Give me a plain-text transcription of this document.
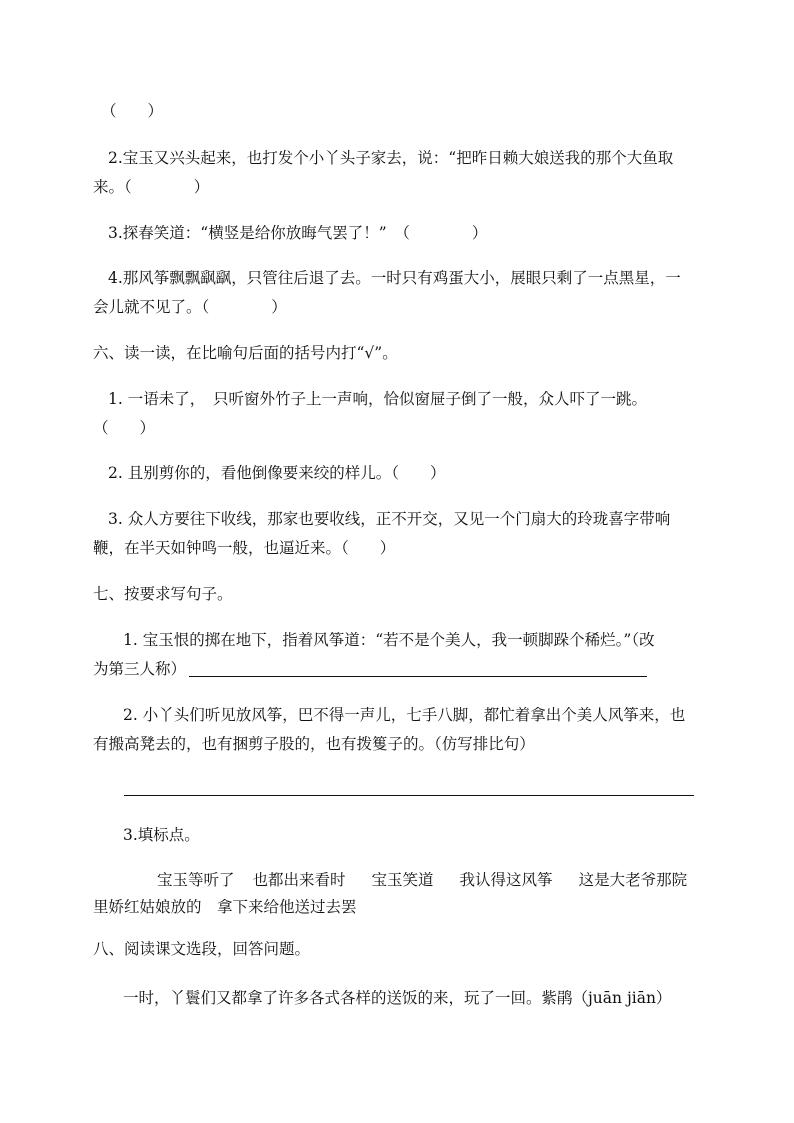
（　　）
2.宝玉又兴头起来，也打发个小丫头子家去，说：“把昨日赖大娘送我的那个大鱼取
来。（　　　　）
3.探春笑道：“横竖是给你放晦气罢了！”　（　　　　）
4.那风筝飘飘飖飖，只管往后退了去。一时只有鸡蛋大小，展眼只剩了一点黑星，一
会儿就不见了。（　　　　）
六、读一读，在比喻句后面的括号内打“√”。
1. 一语未了，　只听窗外竹子上一声响，恰似窗屉子倒了一般，众人吓了一跳。
（　　）
2. 且别剪你的，看他倒像要来绞的样儿。（　　）
3. 众人方要往下收线，那家也要收线，正不开交，又见一个门扇大的玲珑喜字带响
鞭，在半天如钟鸣一般，也逼近来。（　　）
七、按要求写句子。
1. 宝玉恨的掷在地下，指着风筝道：“若不是个美人，我一顿脚跺个稀烂。”（改
为第三人称）
2. 小丫头们听见放风筝，巴不得一声儿，七手八脚，都忙着拿出个美人风筝来，也
有搬高凳去的，也有捆剪子股的，也有拨篗子的。（仿写排比句）
3.填标点。
宝玉等听了 也都出来看时 宝玉笑道 我认得这风筝 这是大老爷那院
里娇红姑娘放的　拿下来给他送过去罢
八、阅读课文选段，回答问题。
一时，丫鬟们又都拿了许多各式各样的送饭的来，玩了一回。紫鹃（juān jiān）
